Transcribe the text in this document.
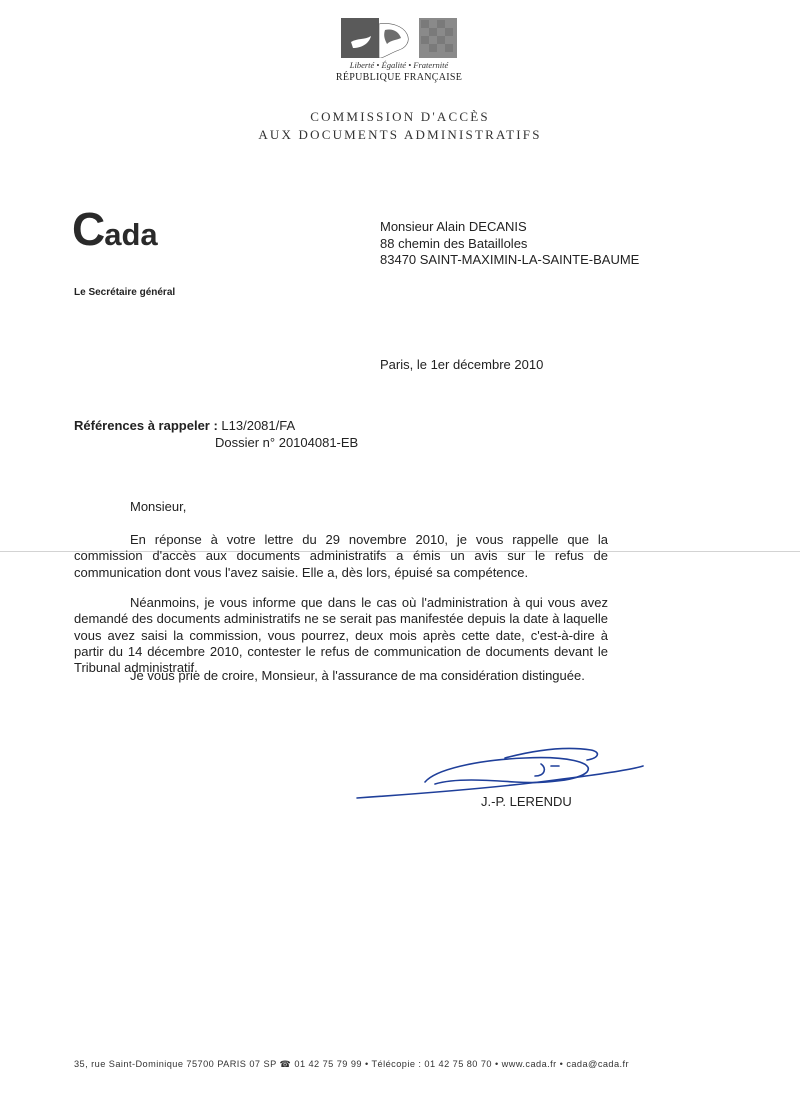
Liberté • Égalité • Fraternité
RÉPUBLIQUE FRANÇAISE
COMMISSION D'ACCÈS
AUX DOCUMENTS ADMINISTRATIFS
Cada
Le Secrétaire général
Monsieur Alain DECANIS
88 chemin des Batailloles
83470 SAINT-MAXIMIN-LA-SAINTE-BAUME
Paris, le 1er décembre 2010
Références à rappeler : L13/2081/FA
Dossier n° 20104081-EB
Monsieur,

En réponse à votre lettre du 29 novembre 2010, je vous rappelle que la commission d'accès aux documents administratifs a émis un avis sur le refus de communication dont vous l'avez saisie. Elle a, dès lors, épuisé sa compétence.

Néanmoins, je vous informe que dans le cas où l'administration à qui vous avez demandé des documents administratifs ne se serait pas manifestée depuis la date à laquelle vous avez saisi la commission, vous pourrez, deux mois après cette date, c'est-à-dire à partir du 14 décembre 2010, contester le refus de communication de documents devant le Tribunal administratif.

Je vous prie de croire, Monsieur, à l'assurance de ma considération distinguée.

J.-P. LERENDU
35, rue Saint-Dominique 75700 PARIS 07 SP ☎ 01 42 75 79 99 • Télécopie : 01 42 75 80 70 • www.cada.fr • cada@cada.fr
